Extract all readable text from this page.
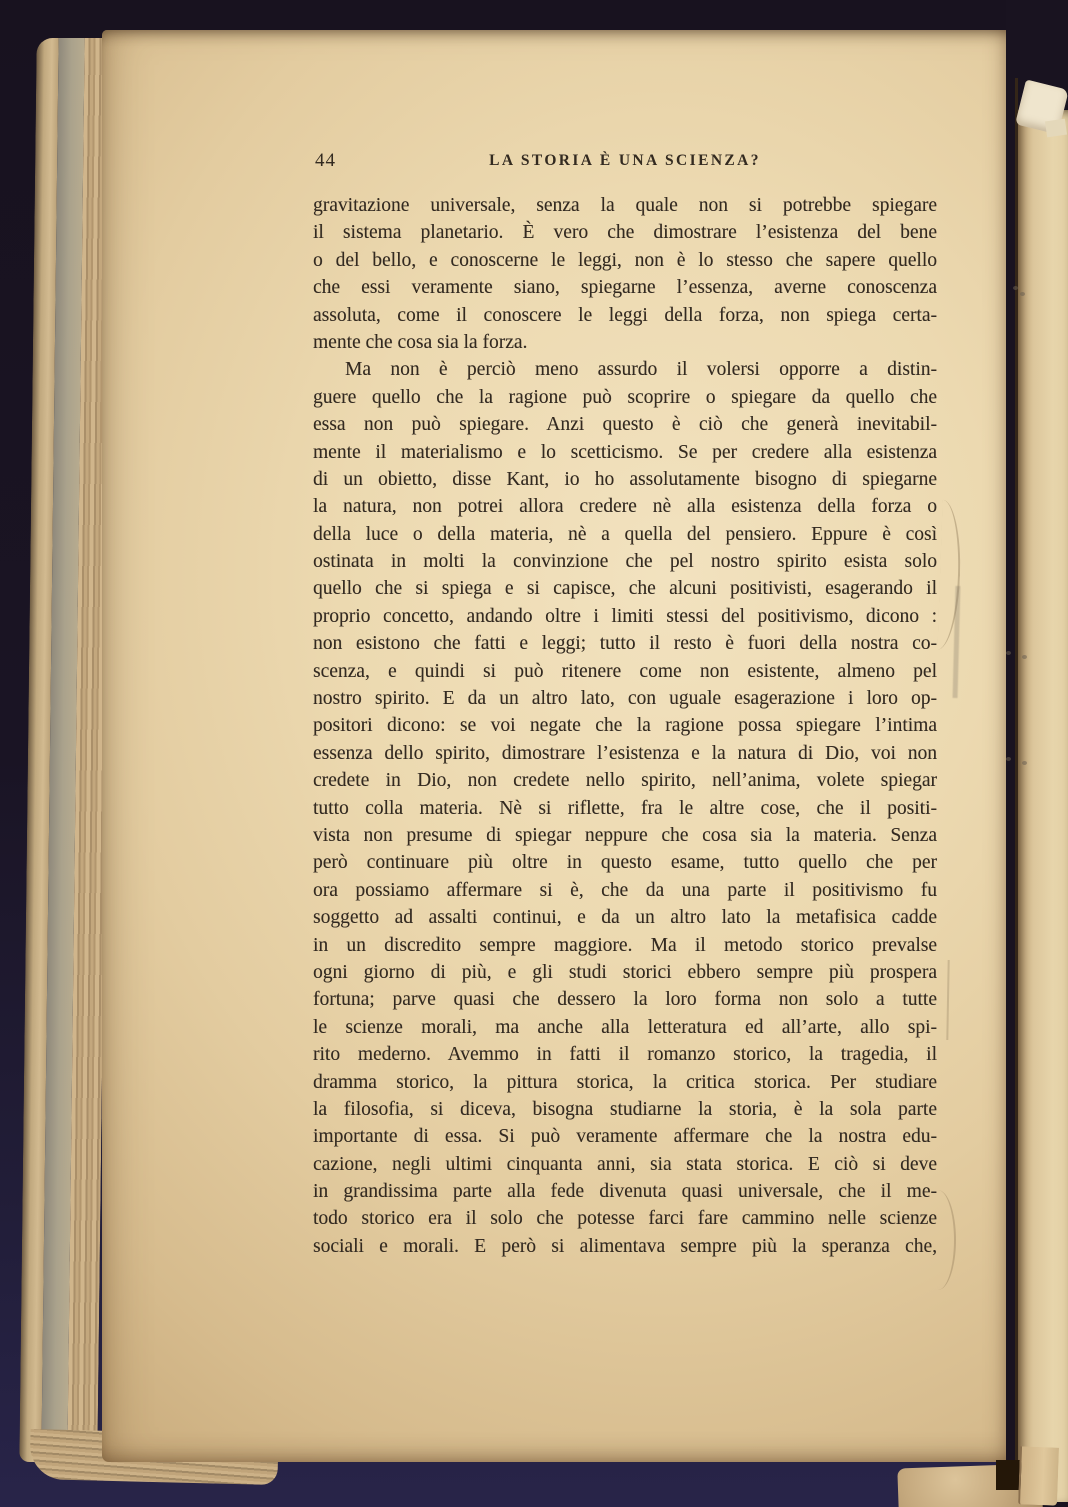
44	LA STORIA È UNA SCIENZA?
gravitazione universale, senza la quale non si potrebbe spiegare
il sistema planetario. È vero che dimostrare l’esistenza del bene
o del bello, e conoscerne le leggi, non è lo stesso che sapere quello
che essi veramente siano, spiegarne l’essenza, averne conoscenza
assoluta, come il conoscere le leggi della forza, non spiega certa-
mente che cosa sia la forza.
Ma non è perciò meno assurdo il volersi opporre a distin-
guere quello che la ragione può scoprire o spiegare da quello che
essa non può spiegare. Anzi questo è ciò che generà inevitabil-
mente il materialismo e lo scetticismo. Se per credere alla esistenza
di un obietto, disse Kant, io ho assolutamente bisogno di spiegarne
la natura, non potrei allora credere nè alla esistenza della forza o
della luce o della materia, nè a quella del pensiero. Eppure è così
ostinata in molti la convinzione che pel nostro spirito esista solo
quello che si spiega e si capisce, che alcuni positivisti, esagerando il
proprio concetto, andando oltre i limiti stessi del positivismo, dicono :
non esistono che fatti e leggi; tutto il resto è fuori della nostra co-
scenza, e quindi si può ritenere come non esistente, almeno pel
nostro spirito. E da un altro lato, con uguale esagerazione i loro op-
positori dicono: se voi negate che la ragione possa spiegare l’intima
essenza dello spirito, dimostrare l’esistenza e la natura di Dio, voi non
credete in Dio, non credete nello spirito, nell’anima, volete spiegar
tutto colla materia. Nè si riflette, fra le altre cose, che il positi-
vista non presume di spiegar neppure che cosa sia la materia. Senza
però continuare più oltre in questo esame, tutto quello che per
ora possiamo affermare si è, che da una parte il positivismo fu
soggetto ad assalti continui, e da un altro lato la metafisica cadde
in un discredito sempre maggiore. Ma il metodo storico prevalse
ogni giorno di più, e gli studi storici ebbero sempre più prospera
fortuna; parve quasi che dessero la loro forma non solo a tutte
le scienze morali, ma anche alla letteratura ed all’arte, allo spi-
rito mederno. Avemmo in fatti il romanzo storico, la tragedia, il
dramma storico, la pittura storica, la critica storica. Per studiare
la filosofia, si diceva, bisogna studiarne la storia, è la sola parte
importante di essa. Si può veramente affermare che la nostra edu-
cazione, negli ultimi cinquanta anni, sia stata storica. E ciò si deve
in grandissima parte alla fede divenuta quasi universale, che il me-
todo storico era il solo che potesse farci fare cammino nelle scienze
sociali e morali. E però si alimentava sempre più la speranza che,
